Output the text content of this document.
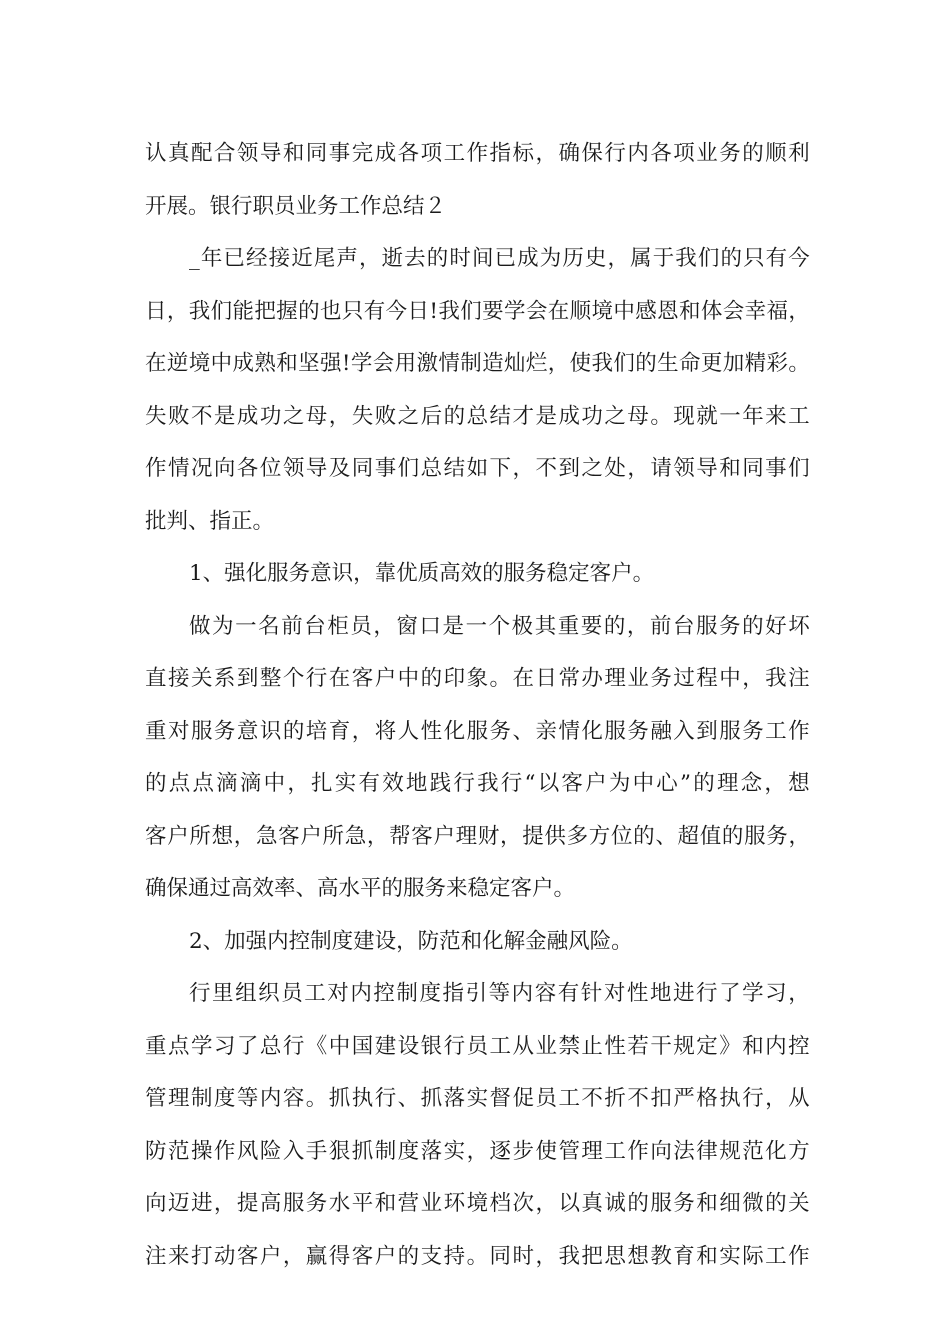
认 真 配 合 领 导 和 同 事 完 成 各 项 工 作 指 标 ， 确 保 行 内 各 项 业 务 的 顺 利
开展。银行职员业务工作总结２
_ 年 已 经 接 近 尾 声 ， 逝 去 的 时 间 已 成 为 历 史 ， 属 于 我 们 的 只 有 今
日 ， 我 们 能 把 握 的 也 只 有 今 日 ! 我 们 要 学 会 在 顺 境 中 感 恩 和 体 会 幸 福 ，
在 逆 境 中 成 熟 和 坚 强 ! 学 会 用 激 情 制 造 灿 烂 ， 使 我 们 的 生 命 更 加 精 彩 。
失 败 不 是 成 功 之 母 ， 失 败 之 后 的 总 结 才 是 成 功 之 母 。 现 就 一 年 来 工
作 情 况 向 各 位 领 导 及 同 事 们 总 结 如 下 ， 不 到 之 处 ， 请 领 导 和 同 事 们
批判、指正。
1、强化服务意识，靠优质高效的服务稳定客户。
做 为 一 名 前 台 柜 员 ， 窗 口 是 一 个 极 其 重 要 的 ， 前 台 服 务 的 好 坏
直 接 关 系 到 整 个 行 在 客 户 中 的 印 象 。 在 日 常 办 理 业 务 过 程 中 ， 我 注
重 对 服 务 意 识 的 培 育 ， 将 人 性 化 服 务 、 亲 情 化 服 务 融 入 到 服 务 工 作
的 点 点 滴 滴 中 ， 扎 实 有 效 地 践 行 我 行 “ 以 客 户 为 中 心 ” 的 理 念 ， 想
客 户 所 想 ， 急 客 户 所 急 ， 帮 客 户 理 财 ， 提 供 多 方 位 的 、 超 值 的 服 务 ，
确保通过高效率、高水平的服务来稳定客户。
2、加强内控制度建设，防范和化解金融风险。
行 里 组 织 员 工 对 内 控 制 度 指 引 等 内 容 有 针 对 性 地 进 行 了 学 习 ，
重 点 学 习 了 总 行 《 中 国 建 设 银 行 员 工 从 业 禁 止 性 若 干 规 定 》 和 内 控
管 理 制 度 等 内 容 。 抓 执 行 、 抓 落 实 督 促 员 工 不 折 不 扣 严 格 执 行 ， 从
防 范 操 作 风 险 入 手 狠 抓 制 度 落 实 ， 逐 步 使 管 理 工 作 向 法 律 规 范 化 方
向 迈 进 ， 提 高 服 务 水 平 和 营 业 环 境 档 次 ， 以 真 诚 的 服 务 和 细 微 的 关
注 来 打 动 客 户 ， 赢 得 客 户 的 支 持 。 同 时 ， 我 把 思 想 教 育 和 实 际 工 作
